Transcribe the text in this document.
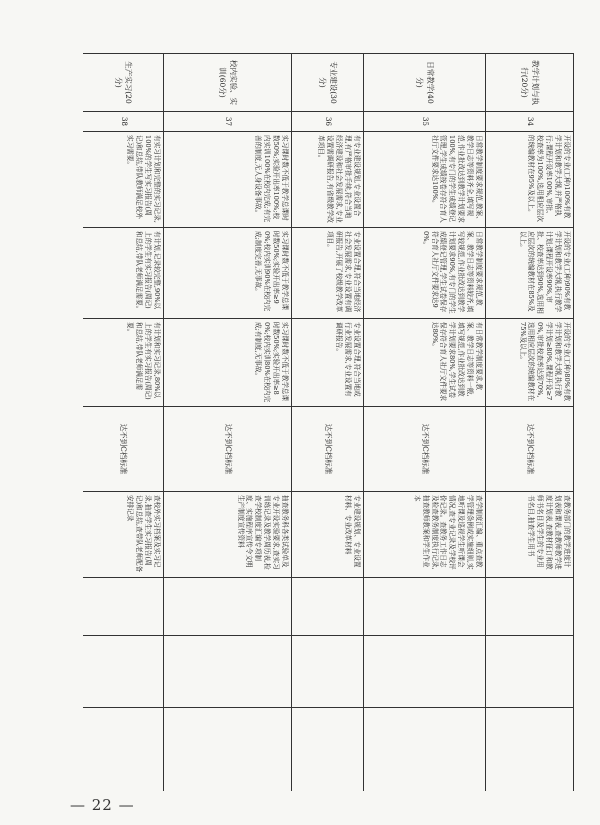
— 22 —
教学计划与执行(20分)	34	开设的专业(工种)100%有教学计划和教学大纲,并严格执行;课程开设率100%,审批、校查率为100%,选用相应层次的统编教材在95%及以上。	开设的专业(工种)90%有教学计划和教学大纲,执行教学计划;课程开设率90%,审批、校查率达到90%,选用相应层次的统编教材在85%及以上。	开设的专业(工种)80%有教学计划和教学大纲,执行教学计划≥80%,课程开设≥70%,审批校查率达到70%,选用相应层次的统编教材在75%及以上。	达不到C档标准	查教务部门的教学进度计划表和课表,查教师教学进度计划表,查教材征订和教师书名目及学生的专业用书名目,抽查学生用书			
日常教学(40分)	35	日常教学制度要求规范,教案、教学日志等资料齐全,填写规范,作业批改达到教学计划要求100%,有专门的学生成绩登记管理,学生成绩按卷存符合育人社厅文件要求达100%。	日常教学制度要求规范,教案、教学日志等资料较齐,填写较规范,作业批改达到教学计划要求90%,有专门的学生成绩登记管理,学生试卷保存符合育人社厅文件要求达90%。	有日常教学制度要求,教案、教学日志等资料一般,填写规范,作业批改达到教学计划要求80%,学生试卷保存符合育人社厅文件要求达80%。	达不到C档标准	查学制度汇编、重点查教学管理条例或实施细则,实地听课及巡视学生听课会情况,查专业记录及学校评价记录。查教务工作日志及检查教务制度执行记录,抽查教师教案和学生作业本			
专业建设(30分)	36	有专业建设规划,专业设置合理,有严格审批手续,符合当地经济建设和社会发展需求,专业设置需调研报告,有省级教学改革项目。	专业设置合理,符合当地经济社会发展需求,专业设置有调研报告,开展了校级教学改革项目。	专业设置合理,符合当地或行业发展需求,专业设置有调研报告。	达不到C档标准	专业建设规划、专业设置材料、专业改革材料			
校内实验、实训(60分)	37	实习课时数不低于教学总课时数50%;实验开出率100%;校内实训100%在校内完成;有完善的制度,无人身设备事故。	实习课时数不低于教学总课时数50%;实验开出率≥90%;校内实训90%在校内完成;制度完善,无事故。	实习课时数不低于教学总课时数50%;实验开出率≥80%;校内实训80%在校内完成;有制度,无事故。	达不到C档标准	抽查教务科各类试验单及专业开设实验要求,查实习训练记录及教学周历表,检查学校制度汇编专项制度、实施程序宣传令文明生产制度宣传资料			
生产实习(20分)	38	有实习计划和完整的实习记录,100%的学生写实习报告(周记)和总结,带队教师满足校外实习需要。	有计划,记录较完整,90%以上的学生有实习报告(周记)和总结,带队老师满足需要。	有计划和实习记录,80%以上的学生有实习报告(周记)和总结,带队老师满足需要。	达不到C档标准	查校外实习档案及实习记录,抽查学生实习报告(周记)和总结,查带队老师配备安排记录			
